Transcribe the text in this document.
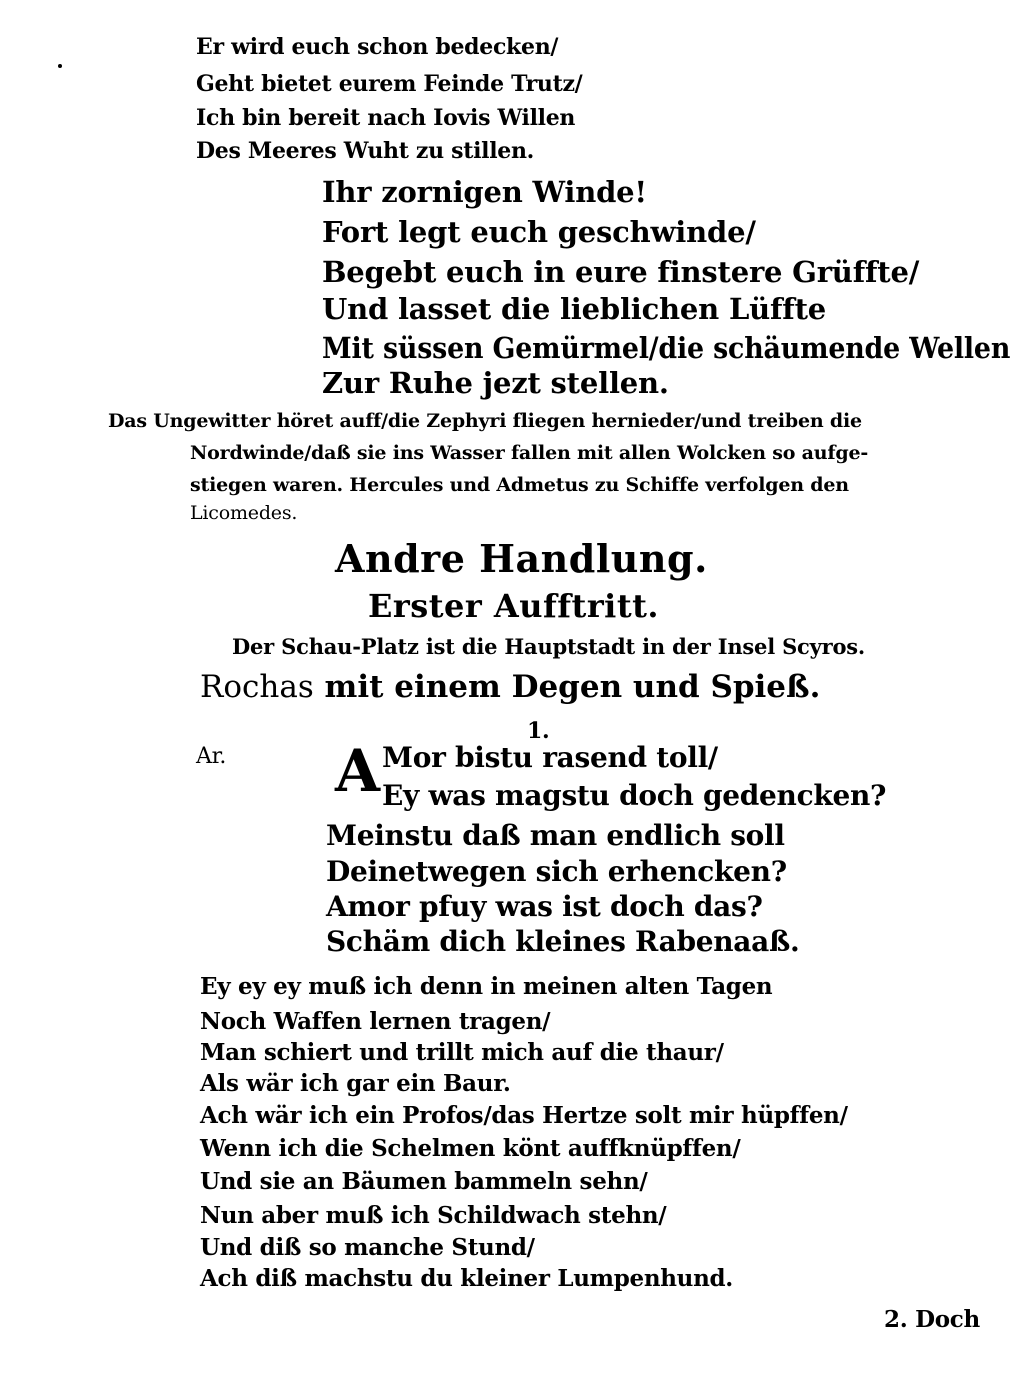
Er wird euch schon bedecken/
Geht bietet eurem Feinde Trutz/
Ich bin bereit nach Iovis Willen
Des Meeres Wuht zu stillen.
Ihr zornigen Winde!
Fort legt euch geschwinde/
Begebt euch in eure finstere Grüffte/
Und lasset die lieblichen Lüffte
Mit süssen Gemürmel/die schäumende Wellen
Zur Ruhe jezt stellen.
Das Ungewitter höret auff/die Zephyri fliegen hernieder/und treiben die
Nordwinde/daß sie ins Wasser fallen mit allen Wolcken so aufge-
stiegen waren. Hercules und Admetus zu Schiffe verfolgen den
Licomedes.
Andre Handlung.
Erster Aufftritt.
Der Schau-Platz ist die Hauptstadt in der Insel Scyros.
Rochas mit einem Degen und Spieß.
1.
Ar. A Mor bistu rasend toll/
Ey was magstu doch gedencken?
Meinstu daß man endlich soll
Deinetwegen sich erhencken?
Amor pfuy was ist doch das?
Schäm dich kleines Rabenaaß.
Ey ey ey muß ich denn in meinen alten Tagen
Noch Waffen lernen tragen/
Man schiert und trillt mich auf die thaur/
Als wär ich gar ein Baur.
Ach wär ich ein Profos/das Hertze solt mir hüpffen/
Wenn ich die Schelmen könt auffknüpffen/
Und sie an Bäumen bammeln sehn/
Nun aber muß ich Schildwach stehn/
Und diß so manche Stund/
Ach diß machstu du kleiner Lumpenhund.
2. Doch
